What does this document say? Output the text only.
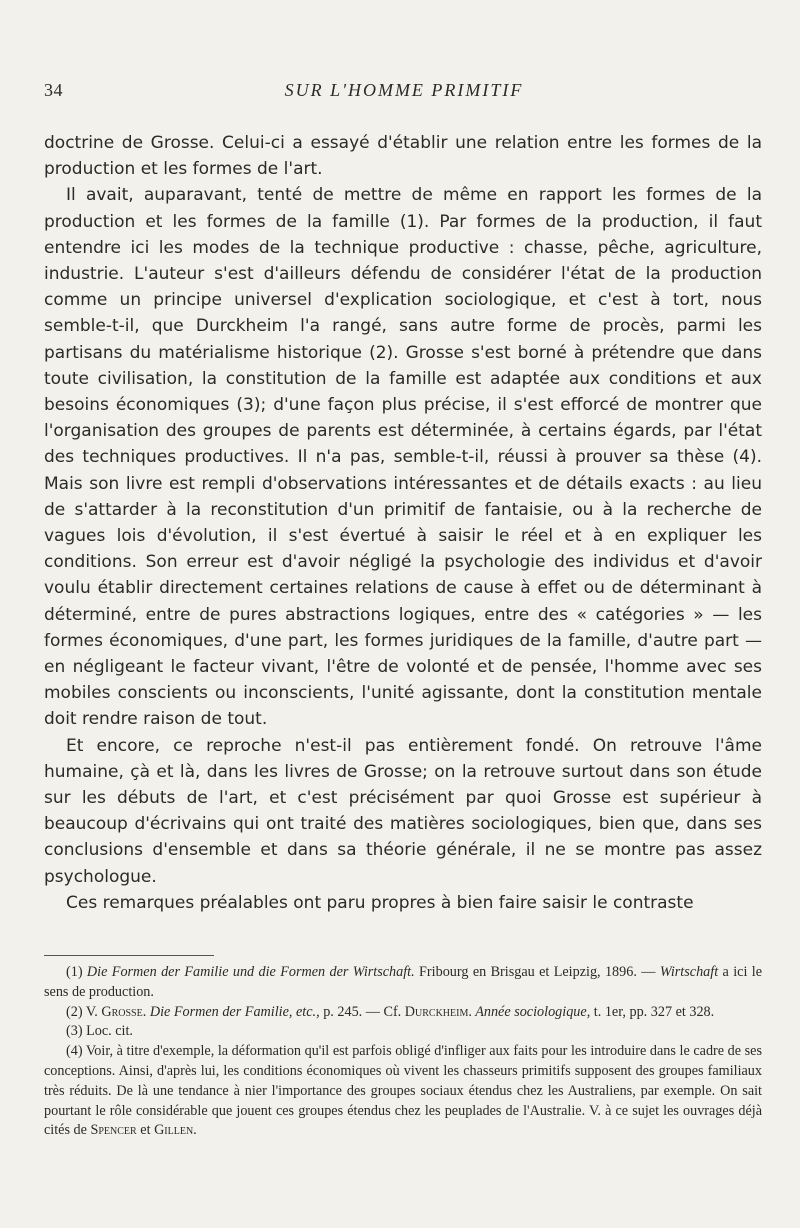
34	SUR L'HOMME PRIMITIF

doctrine de Grosse. Celui-ci a essayé d'établir une relation entre les formes de la production et les formes de l'art.

Il avait, auparavant, tenté de mettre de même en rapport les formes de la production et les formes de la famille (1). Par formes de la production, il faut entendre ici les modes de la technique productive : chasse, pêche, agriculture, industrie. L'auteur s'est d'ailleurs défendu de considérer l'état de la production comme un principe universel d'explication sociologique, et c'est à tort, nous semble-t-il, que Durckheim l'a rangé, sans autre forme de procès, parmi les partisans du matérialisme historique (2). Grosse s'est borné à prétendre que dans toute civilisation, la constitution de la famille est adaptée aux conditions et aux besoins économiques (3); d'une façon plus précise, il s'est efforcé de montrer que l'organisation des groupes de parents est déterminée, à certains égards, par l'état des techniques productives. Il n'a pas, semble-t-il, réussi à prouver sa thèse (4). Mais son livre est rempli d'observations intéressantes et de détails exacts : au lieu de s'attarder à la reconstitution d'un primitif de fantaisie, ou à la recherche de vagues lois d'évolution, il s'est évertué à saisir le réel et à en expliquer les conditions. Son erreur est d'avoir négligé la psychologie des individus et d'avoir voulu établir directement certaines relations de cause à effet ou de déterminant à déterminé, entre de pures abstractions logiques, entre des « catégories » — les formes économiques, d'une part, les formes juridiques de la famille, d'autre part — en négligeant le facteur vivant, l'être de volonté et de pensée, l'homme avec ses mobiles conscients ou inconscients, l'unité agissante, dont la constitution mentale doit rendre raison de tout.

Et encore, ce reproche n'est-il pas entièrement fondé. On retrouve l'âme humaine, çà et là, dans les livres de Grosse; on la retrouve surtout dans son étude sur les débuts de l'art, et c'est précisément par quoi Grosse est supérieur à beaucoup d'écrivains qui ont traité des matières sociologiques, bien que, dans ses conclusions d'ensemble et dans sa théorie générale, il ne se montre pas assez psychologue.

Ces remarques préalables ont paru propres à bien faire saisir le contraste

(1) Die Formen der Familie und die Formen der Wirtschaft. Fribourg en Brisgau et Leipzig, 1896. — Wirtschaft a ici le sens de production.

(2) V. Grosse. Die Formen der Familie, etc., p. 245. — Cf. Durckheim. Année sociologique, t. 1er, pp. 327 et 328.

(3) Loc. cit.

(4) Voir, à titre d'exemple, la déformation qu'il est parfois obligé d'infliger aux faits pour les introduire dans le cadre de ses conceptions. Ainsi, d'après lui, les conditions économiques où vivent les chasseurs primitifs supposent des groupes familiaux très réduits. De là une tendance à nier l'importance des groupes sociaux étendus chez les Australiens, par exemple. On sait pourtant le rôle considérable que jouent ces groupes étendus chez les peuplades de l'Australie. V. à ce sujet les ouvrages déjà cités de Spencer et Gillen.
